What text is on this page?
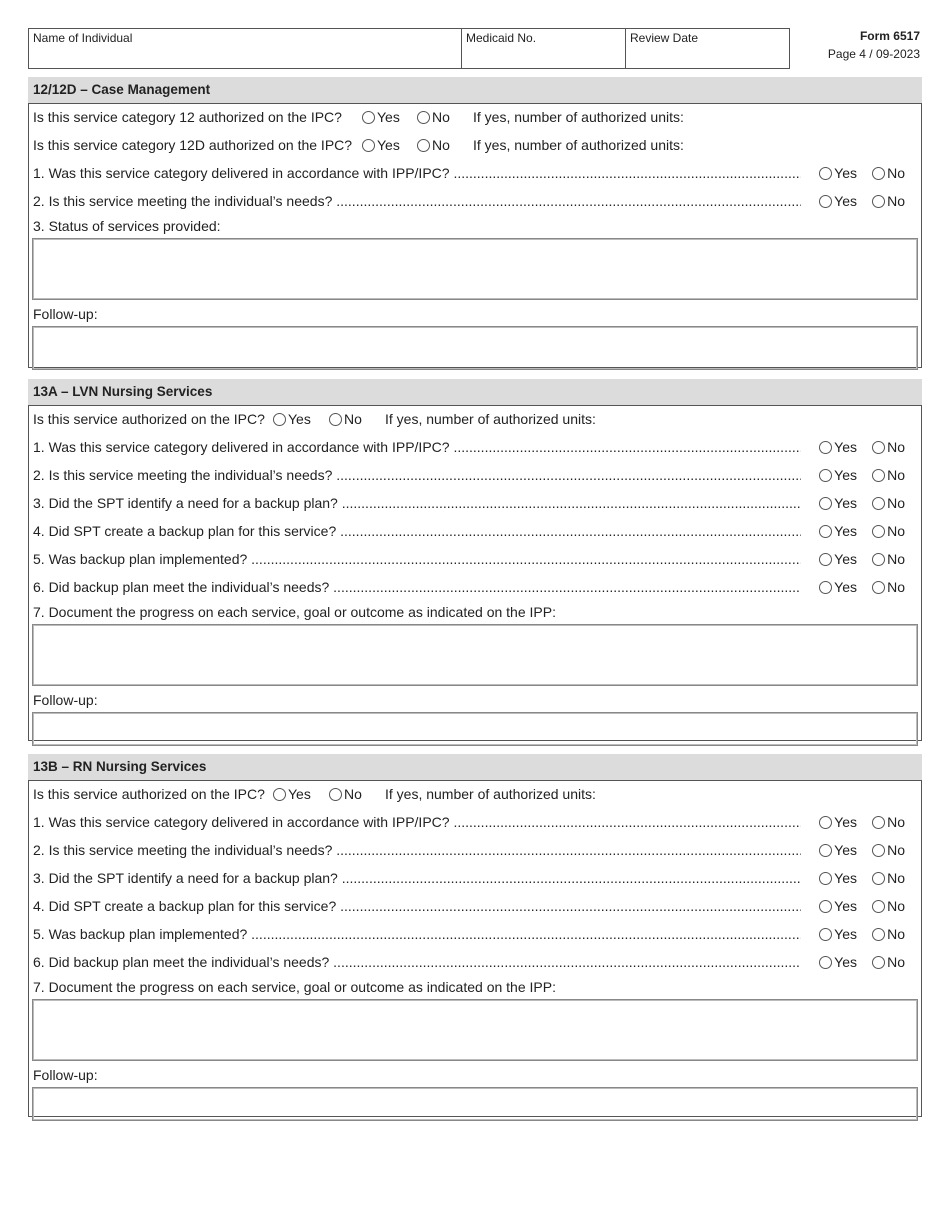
Name of Individual	Medicaid No.	Review Date	Form 6517
Page 4 / 09-2023
12/12D – Case Management
Is this service category 12 authorized on the IPC?	Yes No If yes, number of authorized units:
Is this service category 12D authorized on the IPC? Yes No If yes, number of authorized units:
1. Was this service category delivered in accordance with IPP/IPC? .....	Yes No
2. Is this service meeting the individual’s needs? .....	Yes No
3. Status of services provided:
Follow-up:
13A – LVN Nursing Services
Is this service authorized on the IPC? Yes No If yes, number of authorized units:
1. Was this service category delivered in accordance with IPP/IPC? .....	Yes No
2. Is this service meeting the individual’s needs? .....	Yes No
3. Did the SPT identify a need for a backup plan? .....	Yes No
4. Did SPT create a backup plan for this service? .....	Yes No
5. Was backup plan implemented? .....	Yes No
6. Did backup plan meet the individual’s needs? .....	Yes No
7. Document the progress on each service, goal or outcome as indicated on the IPP:
Follow-up:
13B – RN Nursing Services
Is this service authorized on the IPC? Yes No If yes, number of authorized units:
1. Was this service category delivered in accordance with IPP/IPC? .....	Yes No
2. Is this service meeting the individual’s needs? .....	Yes No
3. Did the SPT identify a need for a backup plan? .....	Yes No
4. Did SPT create a backup plan for this service? .....	Yes No
5. Was backup plan implemented? .....	Yes No
6. Did backup plan meet the individual’s needs? .....	Yes No
7. Document the progress on each service, goal or outcome as indicated on the IPP:
Follow-up:
